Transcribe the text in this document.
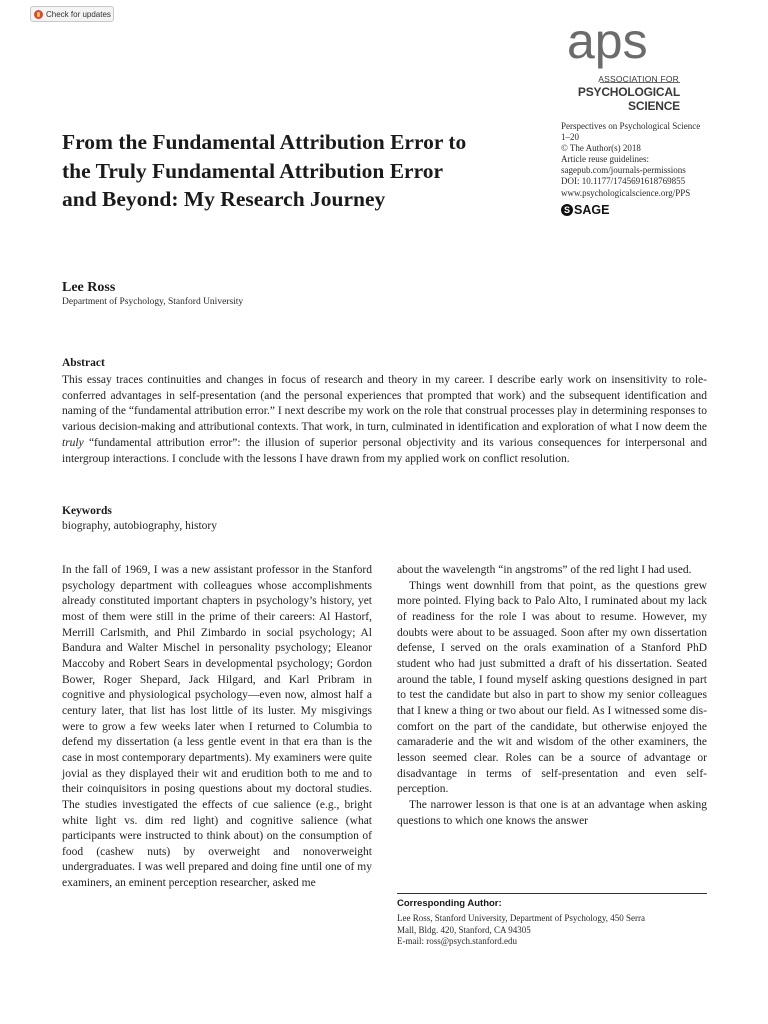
Check for updates	aps
ASSOCIATION FOR
PSYCHOLOGICAL SCIENCE
Perspectives on Psychological Science
1–20
© The Author(s) 2018
Article reuse guidelines:
sagepub.com/journals-permissions
DOI: 10.1177/1745691618769855
www.psychologicalscience.org/PPS
S SAGE
From the Fundamental Attribution Error to the Truly Fundamental Attribution Error and Beyond: My Research Journey
Lee Ross
Department of Psychology, Stanford University
Abstract
This essay traces continuities and changes in focus of research and theory in my career. I describe early work on insensitivity to role-conferred advantages in self-presentation (and the personal experiences that prompted that work) and the subsequent identification and naming of the “fundamental attribution error.” I next describe my work on the role that construal processes play in determining responses to various decision-making and attributional contexts. That work, in turn, culminated in identification and exploration of what I now deem the truly “fundamental attribution error”: the illusion of superior personal objectivity and its various consequences for interpersonal and intergroup interactions. I conclude with the lessons I have drawn from my applied work on conflict resolution.
Keywords
biography, autobiography, history

In the fall of 1969, I was a new assistant professor in the Stanford psychology department with colleagues whose accomplishments already constituted important chapters in psychology’s history, yet most of them were still in the prime of their careers: Al Hastorf, Merrill Carlsmith, and Phil Zimbardo in social psychology; Al Bandura and Walter Mischel in personality psychology; Eleanor Maccoby and Robert Sears in developmental psychology; Gordon Bower, Roger Shepard, Jack Hilgard, and Karl Pribram in cognitive and physiological psychology—even now, almost half a century later, that list has lost little of its luster. My misgivings were to grow a few weeks later when I returned to Columbia to defend my dissertation (a less gentle event in that era than is the case in most contemporary departments). My examiners were quite jovial as they displayed their wit and erudition both to me and to their coinquisitors in posing questions about my doctoral studies. The studies investigated the effects of cue salience (e.g., bright white light vs. dim red light) and cognitive salience (what participants were instructed to think about) on the consumption of food (cashew nuts) by overweight and nonoverweight undergraduates. I was well prepared and doing fine until one of my examiners, an eminent perception researcher, asked me

about the wavelength “in angstroms” of the red light I had used.

Things went downhill from that point, as the questions grew more pointed. Flying back to Palo Alto, I ruminated about my lack of readiness for the role I was about to resume. However, my doubts were about to be assuaged. Soon after my own dissertation defense, I served on the orals examination of a Stanford PhD student who had just submitted a draft of his dissertation. Seated around the table, I found myself asking questions designed in part to test the candidate but also in part to show my senior colleagues that I knew a thing or two about our field. As I witnessed some discomfort on the part of the candidate, but otherwise enjoyed the camaraderie and the wit and wisdom of the other examiners, the lesson seemed clear. Roles can be a source of advantage or disadvantage in terms of self-presentation and even self-perception.

The narrower lesson is that one is at an advantage when asking questions to which one knows the answer

Corresponding Author:
Lee Ross, Stanford University, Department of Psychology, 450 Serra
Mall, Bldg. 420, Stanford, CA 94305
E-mail: ross@psych.stanford.edu
